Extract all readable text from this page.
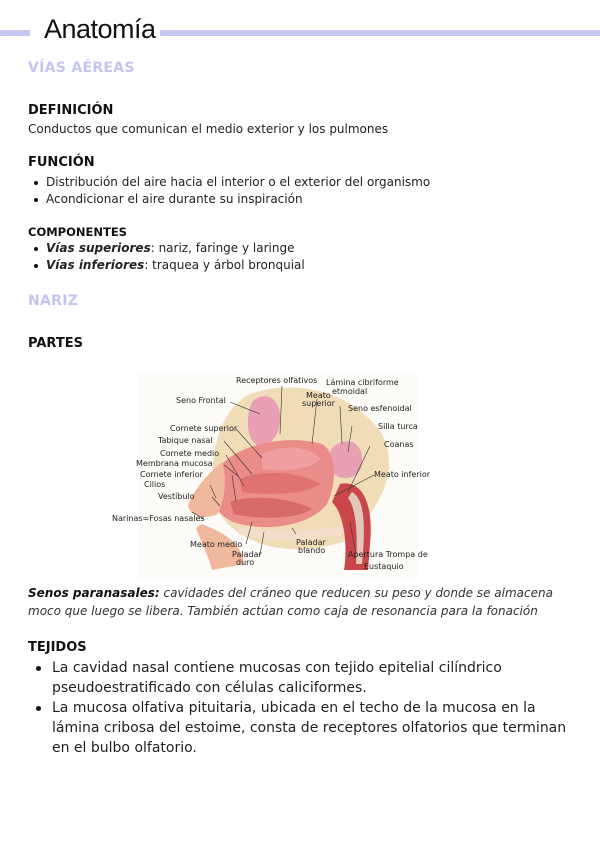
Anatomía
VÍAS AÉREAS
DEFINICIÓN
Conductos que comunican el medio exterior y los pulmones
FUNCIÓN
Distribución del aire hacia el interior o el exterior del organismo
Acondicionar el aire durante su inspiración
COMPONENTES
Vías superiores: nariz, faringe y laringe
Vías inferiores: traquea y árbol bronquial
NARIZ
PARTES
Receptores olfativos Lámina cibriforme
etmoidal
Meato
superior
Seno esfenoidal
Seno Frontal
Silla turca
Cornete superior
Tabique nasal	Coanas
Cornete medio
Membrana mucosa
Meato inferior
Cornete inferior
Cilios
Vestíbulo
Narinas=Fosas nasales
Paladar
blando
Meato medio
Paladar
duro
Apertura Trompa de
Eustaquio
Senos paranasales: cavidades del cráneo que reducen su peso y donde se almacena moco que luego se libera. También actúan como caja de resonancia para la fonación
TEJIDOS
La cavidad nasal contiene mucosas con tejido epitelial cilíndrico pseudoestratificado con células caliciformes.
La mucosa olfativa pituitaria, ubicada en el techo de la mucosa en la lámina cribosa del estoime, consta de receptores olfatorios que terminan en el bulbo olfatorio.
